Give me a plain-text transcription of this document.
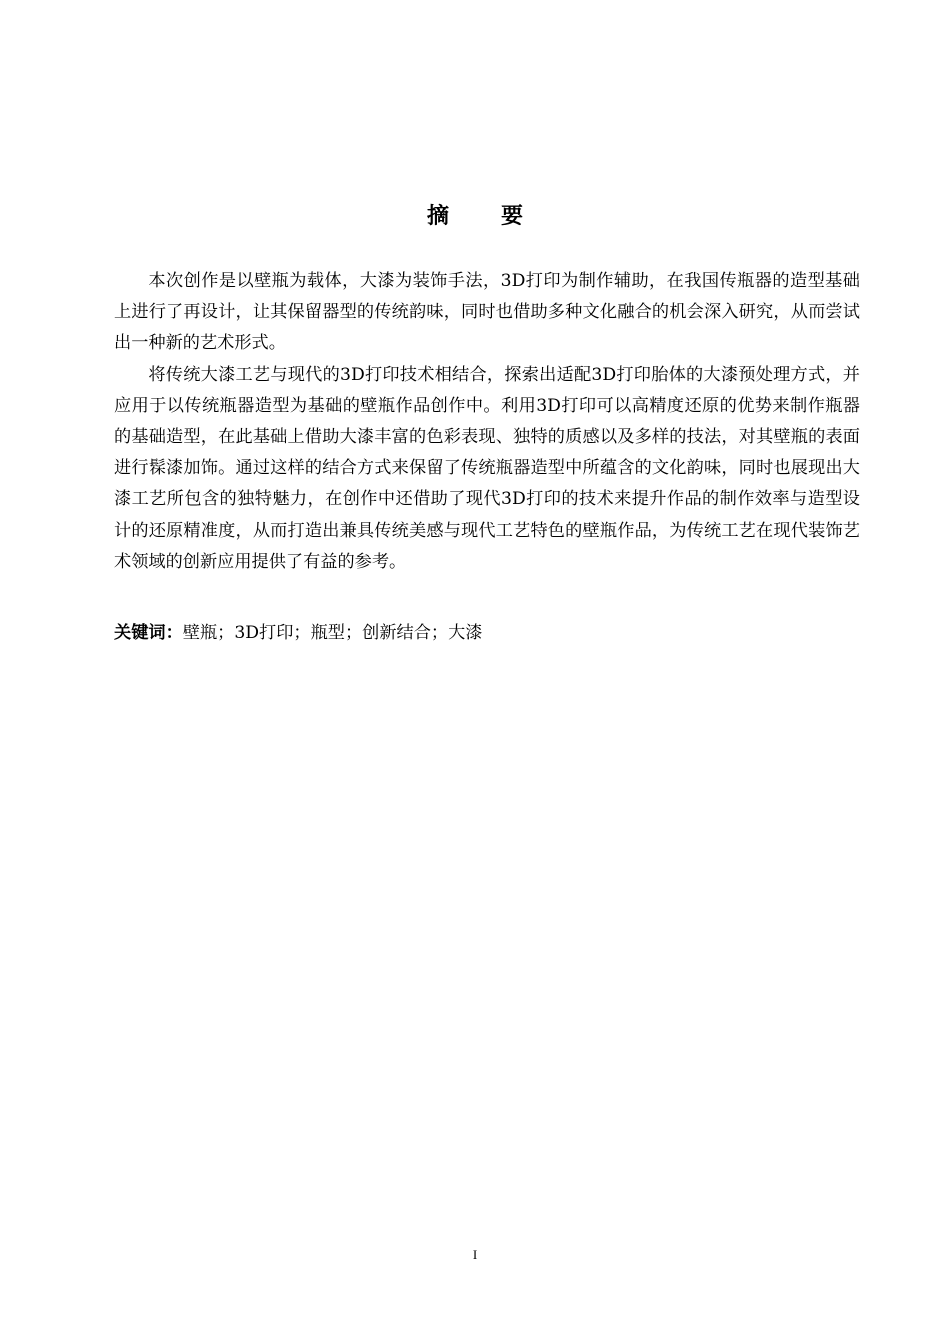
摘 要

本次创作是以壁瓶为载体，大漆为装饰手法，3D打印为制作辅助，在我国传瓶器的造型基础上进行了再设计，让其保留器型的传统韵味，同时也借助多种文化融合的机会深入研究，从而尝试出一种新的艺术形式。

将传统大漆工艺与现代的3D打印技术相结合，探索出适配3D打印胎体的大漆预处理方式，并应用于以传统瓶器造型为基础的壁瓶作品创作中。利用3D打印可以高精度还原的优势来制作瓶器的基础造型，在此基础上借助大漆丰富的色彩表现、独特的质感以及多样的技法，对其壁瓶的表面进行髹漆加饰。通过这样的结合方式来保留了传统瓶器造型中所蕴含的文化韵味，同时也展现出大漆工艺所包含的独特魅力，在创作中还借助了现代3D打印的技术来提升作品的制作效率与造型设计的还原精准度，从而打造出兼具传统美感与现代工艺特色的壁瓶作品，为传统工艺在现代装饰艺术领域的创新应用提供了有益的参考。

关键词：壁瓶；3D打印；瓶型；创新结合；大漆
I
